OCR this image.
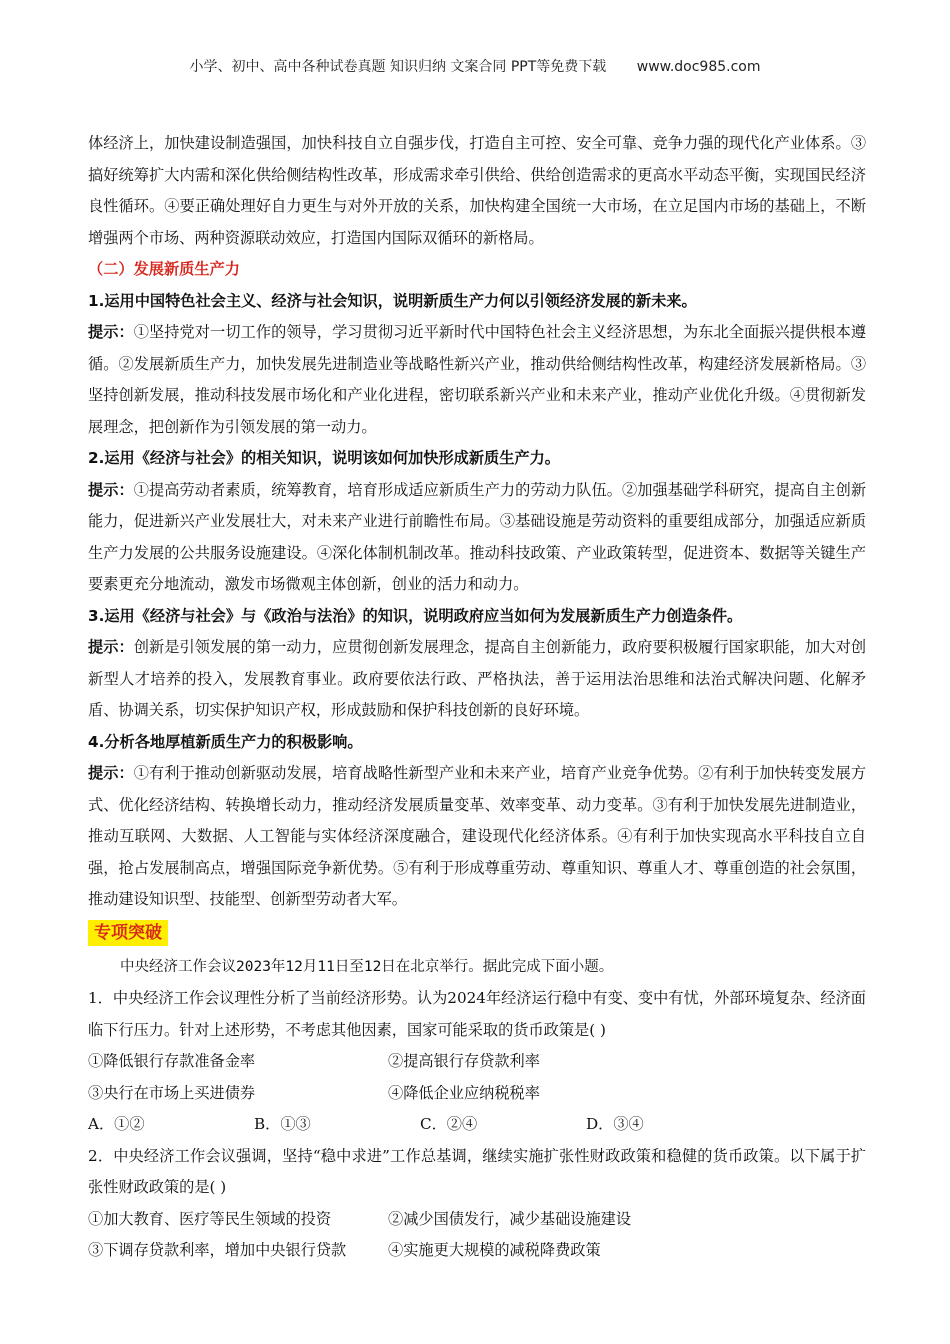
小学、初中、高中各种试卷真题 知识归纳 文案合同 PPT等免费下载 www.doc985.com

体经济上，加快建设制造强国，加快科技自立自强步伐，打造自主可控、安全可靠、竞争力强的现代化产业体系。③搞好统筹扩大内需和深化供给侧结构性改革，形成需求牵引供给、供给创造需求的更高水平动态平衡，实现国民经济良性循环。④要正确处理好自力更生与对外开放的关系，加快构建全国统一大市场，在立足国内市场的基础上，不断增强两个市场、两种资源联动效应，打造国内国际双循环的新格局。

（二）发展新质生产力

1.运用中国特色社会主义、经济与社会知识，说明新质生产力何以引领经济发展的新未来。

提示：①坚持党对一切工作的领导，学习贯彻习近平新时代中国特色社会主义经济思想，为东北全面振兴提供根本遵循。②发展新质生产力，加快发展先进制造业等战略性新兴产业，推动供给侧结构性改革，构建经济发展新格局。③坚持创新发展，推动科技发展市场化和产业化进程，密切联系新兴产业和未来产业，推动产业优化升级。④贯彻新发展理念，把创新作为引领发展的第一动力。

2.运用《经济与社会》的相关知识，说明该如何加快形成新质生产力。

提示：①提高劳动者素质，统筹教育，培育形成适应新质生产力的劳动力队伍。②加强基础学科研究，提高自主创新能力，促进新兴产业发展壮大，对未来产业进行前瞻性布局。③基础设施是劳动资料的重要组成部分，加强适应新质生产力发展的公共服务设施建设。④深化体制机制改革。推动科技政策、产业政策转型，促进资本、数据等关键生产要素更充分地流动，激发市场微观主体创新，创业的活力和动力。

3.运用《经济与社会》与《政治与法治》的知识，说明政府应当如何为发展新质生产力创造条件。

提示：创新是引领发展的第一动力，应贯彻创新发展理念，提高自主创新能力，政府要积极履行国家职能，加大对创新型人才培养的投入，发展教育事业。政府要依法行政、严格执法，善于运用法治思维和法治式解决问题、化解矛盾、协调关系，切实保护知识产权，形成鼓励和保护科技创新的良好环境。

4.分析各地厚植新质生产力的积极影响。

提示：①有利于推动创新驱动发展，培育战略性新型产业和未来产业，培育产业竞争优势。②有利于加快转变发展方式、优化经济结构、转换增长动力，推动经济发展质量变革、效率变革、动力变革。③有利于加快发展先进制造业，推动互联网、大数据、人工智能与实体经济深度融合，建设现代化经济体系。④有利于加快实现高水平科技自立自强，抢占发展制高点，增强国际竞争新优势。⑤有利于形成尊重劳动、尊重知识、尊重人才、尊重创造的社会氛围，推动建设知识型、技能型、创新型劳动者大军。

专项突破

中央经济工作会议2023年12月11日至12日在北京举行。据此完成下面小题。

1．中央经济工作会议理性分析了当前经济形势。认为2024年经济运行稳中有变、变中有忧，外部环境复杂、经济面临下行压力。针对上述形势，不考虑其他因素，国家可能采取的货币政策是( )

①降低银行存款准备金率	②提高银行存贷款利率
③央行在市场上买进债券	④降低企业应纳税税率
A．①②	B．①③	C．②④	D．③④

2．中央经济工作会议强调，坚持“稳中求进”工作总基调，继续实施扩张性财政政策和稳健的货币政策。以下属于扩张性财政政策的是( )

①加大教育、医疗等民生领域的投资	②减少国债发行，减少基础设施建设
③下调存贷款利率，增加中央银行贷款	④实施更大规模的减税降费政策
